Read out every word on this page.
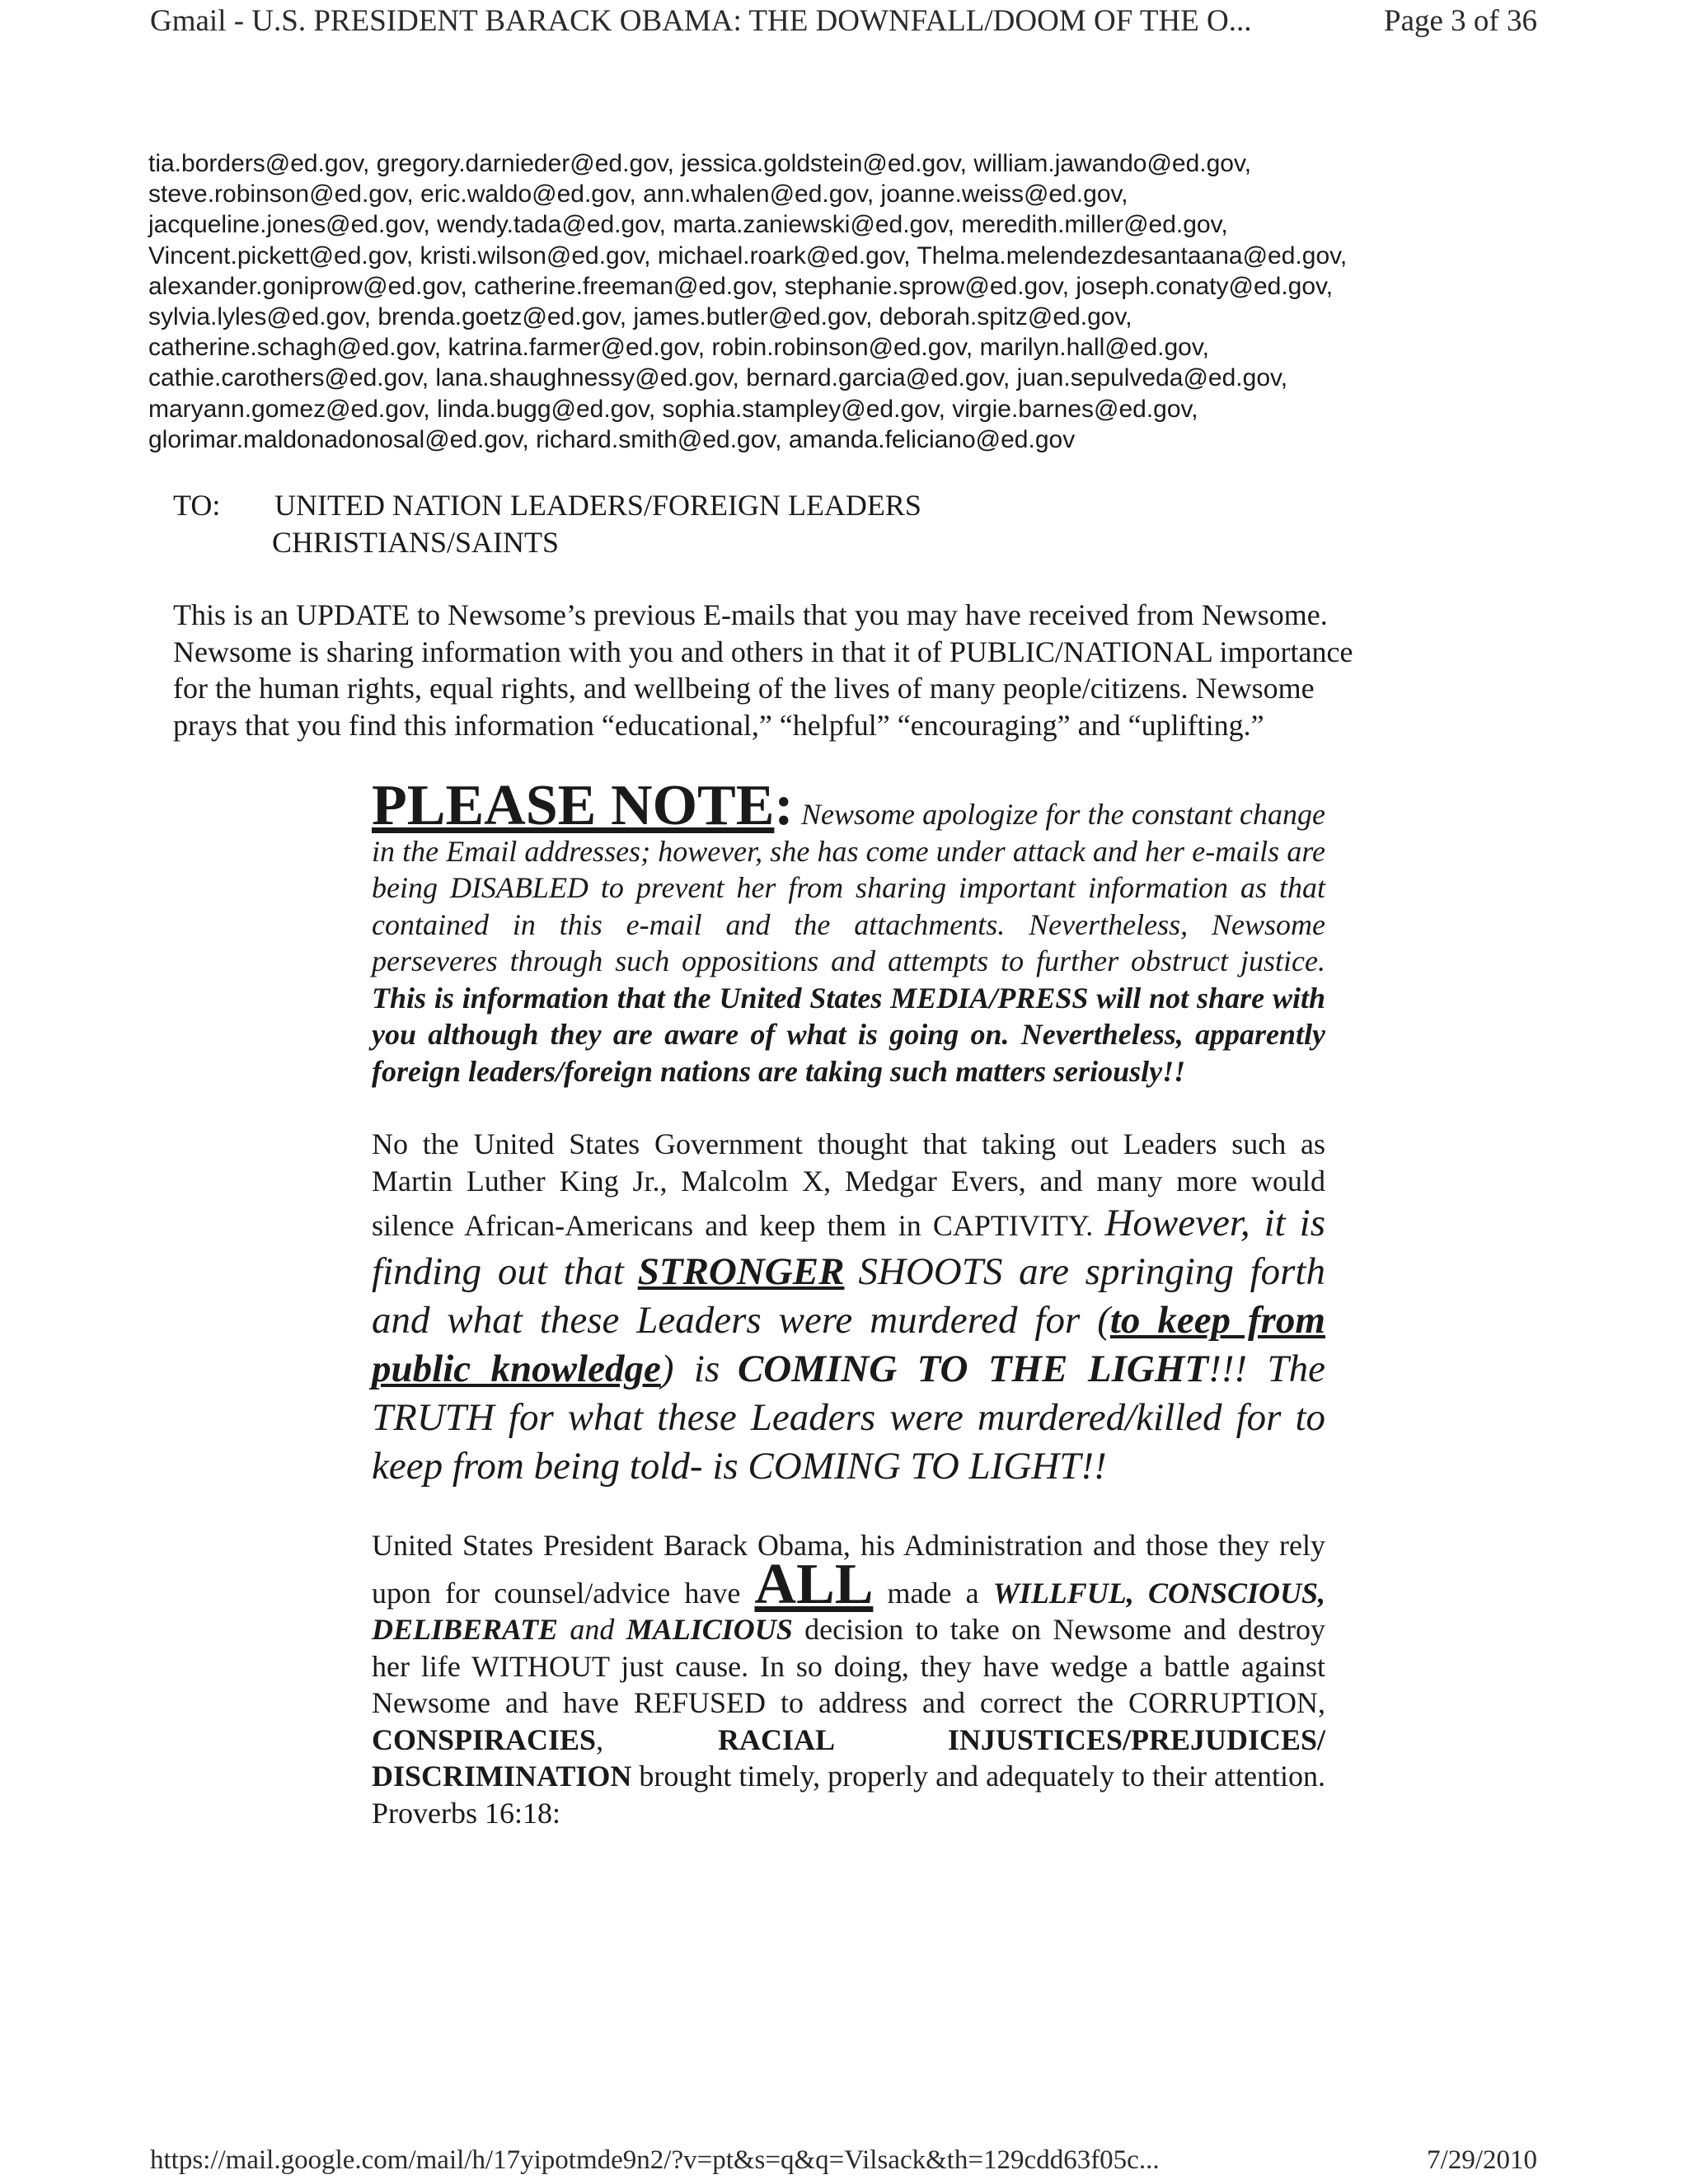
Gmail - U.S. PRESIDENT BARACK OBAMA: THE DOWNFALL/DOOM OF THE O...	Page 3 of 36
tia.borders@ed.gov, gregory.darnieder@ed.gov, jessica.goldstein@ed.gov, william.jawando@ed.gov,
steve.robinson@ed.gov, eric.waldo@ed.gov, ann.whalen@ed.gov, joanne.weiss@ed.gov,
jacqueline.jones@ed.gov, wendy.tada@ed.gov, marta.zaniewski@ed.gov, meredith.miller@ed.gov,
Vincent.pickett@ed.gov, kristi.wilson@ed.gov, michael.roark@ed.gov, Thelma.melendezdesantaana@ed.gov,
alexander.goniprow@ed.gov, catherine.freeman@ed.gov, stephanie.sprow@ed.gov, joseph.conaty@ed.gov,
sylvia.lyles@ed.gov, brenda.goetz@ed.gov, james.butler@ed.gov, deborah.spitz@ed.gov,
catherine.schagh@ed.gov, katrina.farmer@ed.gov, robin.robinson@ed.gov, marilyn.hall@ed.gov,
cathie.carothers@ed.gov, lana.shaughnessy@ed.gov, bernard.garcia@ed.gov, juan.sepulveda@ed.gov,
maryann.gomez@ed.gov, linda.bugg@ed.gov, sophia.stampley@ed.gov, virgie.barnes@ed.gov,
glorimar.maldonadonosal@ed.gov, richard.smith@ed.gov, amanda.feliciano@ed.gov
TO:	UNITED NATION LEADERS/FOREIGN LEADERS
CHRISTIANS/SAINTS
This is an UPDATE to Newsome’s previous E-mails that you may have received from Newsome.
Newsome is sharing information with you and others in that it of PUBLIC/NATIONAL importance
for the human rights, equal rights, and wellbeing of the lives of many people/citizens. Newsome
prays that you find this information “educational,” “helpful” “encouraging” and “uplifting.”

PLEASE NOTE: Newsome apologize for the constant change in the Email addresses; however, she has come under attack and her e-mails are being DISABLED to prevent her from sharing important information as that contained in this e-mail and the attachments. Nevertheless, Newsome perseveres through such oppositions and attempts to further obstruct justice. This is information that the United States MEDIA/PRESS will not share with you although they are aware of what is going on. Nevertheless, apparently foreign leaders/foreign nations are taking such matters seriously!!

No the United States Government thought that taking out Leaders such as Martin Luther King Jr., Malcolm X, Medgar Evers, and many more would silence African-Americans and keep them in CAPTIVITY. However, it is finding out that STRONGER SHOOTS are springing forth and what these Leaders were murdered for (to keep from public knowledge) is COMING TO THE LIGHT!!! The TRUTH for what these Leaders were murdered/killed for to keep from being told- is COMING TO LIGHT!!

United States President Barack Obama, his Administration and those they rely upon for counsel/advice have ALL made a WILLFUL, CONSCIOUS, DELIBERATE and MALICIOUS decision to take on Newsome and destroy her life WITHOUT just cause. In so doing, they have wedge a battle against Newsome and have REFUSED to address and correct the CORRUPTION, CONSPIRACIES,	RACIAL INJUSTICES/PREJUDICES/ DISCRIMINATION brought timely, properly and adequately to their attention. Proverbs 16:18:

https://mail.google.com/mail/h/17yipotmde9n2/?v=pt&s=q&q=Vilsack&th=129cdd63f05c...	7/29/2010
